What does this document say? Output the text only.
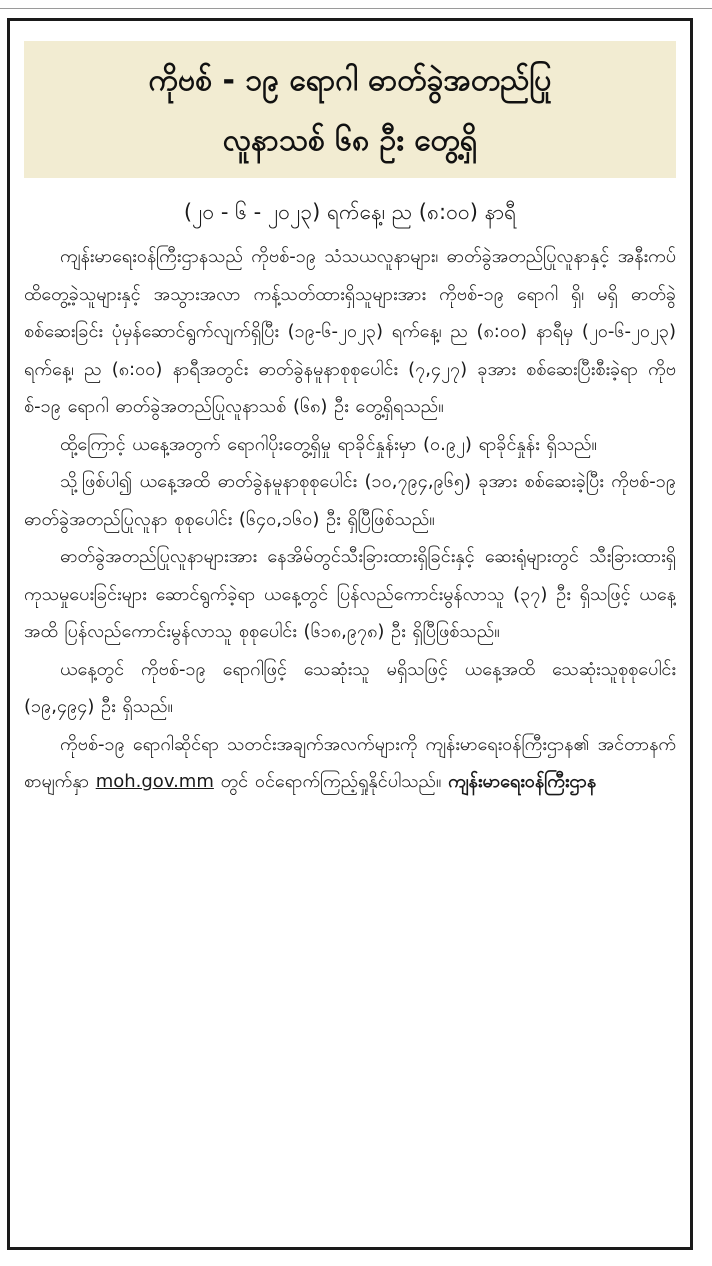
ကိုဗစ် - ၁၉ ရောဂါ ဓာတ်ခွဲအတည်ပြု
လူနာသစ် ၆၈ ဦး တွေ့ရှိ
(၂၀ - ၆ - ၂၀၂၃) ရက်နေ့၊ ည (၈:၀၀) နာရီ

ကျန်းမာရေးဝန်ကြီးဌာနသည် ကိုဗစ်-၁၉ သံသယလူနာများ၊ ဓာတ်ခွဲအတည်ပြုလူနာနှင့် အနီးကပ်ထိတွေ့ခဲ့သူများနှင့် အသွားအလာ ကန့်သတ်ထားရှိသူများအား ကိုဗစ်-၁၉ ရောဂါ ရှိ၊ မရှိ ဓာတ်ခွဲစစ်ဆေးခြင်း ပုံမှန်ဆောင်ရွက်လျက်ရှိပြီး (၁၉-၆-၂၀၂၃) ရက်နေ့၊ ည (၈:၀၀) နာရီမှ (၂၀-၆-၂၀၂၃) ရက်နေ့၊ ည (၈:၀၀) နာရီအတွင်း ဓာတ်ခွဲနမူနာစုစုပေါင်း (၇,၄၂၇) ခုအား စစ်ဆေးပြီးစီးခဲ့ရာ ကိုဗစ်-၁၉ ရောဂါ ဓာတ်ခွဲအတည်ပြုလူနာသစ် (၆၈) ဦး တွေ့ရှိရသည်။

ထို့ကြောင့် ယနေ့အတွက် ရောဂါပိုးတွေ့ရှိမှု ရာခိုင်နှုန်းမှာ (၀.၉၂) ရာခိုင်နှုန်း ရှိသည်။

သို့ဖြစ်ပါ၍ ယနေ့အထိ ဓာတ်ခွဲနမူနာစုစုပေါင်း (၁၀,၇၉၄,၉၆၅) ခုအား စစ်ဆေးခဲ့ပြီး ကိုဗစ်-၁၉ ဓာတ်ခွဲအတည်ပြုလူနာ စုစုပေါင်း (၆၄၀,၁၆၀) ဦး ရှိပြီဖြစ်သည်။

ဓာတ်ခွဲအတည်ပြုလူနာများအား နေအိမ်တွင်သီးခြားထားရှိခြင်းနှင့် ဆေးရုံများတွင် သီးခြားထားရှိ ကုသမှုပေးခြင်းများ ဆောင်ရွက်ခဲ့ရာ ယနေ့တွင် ပြန်လည်ကောင်းမွန်လာသူ (၃၇) ဦး ရှိသဖြင့် ယနေ့အထိ ပြန်လည်ကောင်းမွန်လာသူ စုစုပေါင်း (၆၁၈,၉၇၈) ဦး ရှိပြီဖြစ်သည်။

ယနေ့တွင် ကိုဗစ်-၁၉ ရောဂါဖြင့် သေဆုံးသူ မရှိသဖြင့် ယနေ့အထိ သေဆုံးသူစုစုပေါင်း (၁၉,၄၉၄) ဦး ရှိသည်။

ကိုဗစ်-၁၉ ရောဂါဆိုင်ရာ သတင်းအချက်အလက်များကို ကျန်းမာရေးဝန်ကြီးဌာန၏ အင်တာနက်စာမျက်နှာ moh.gov.mm တွင် ဝင်ရောက်ကြည့်ရှုနိုင်ပါသည်။ ကျန်းမာရေးဝန်ကြီးဌာန
